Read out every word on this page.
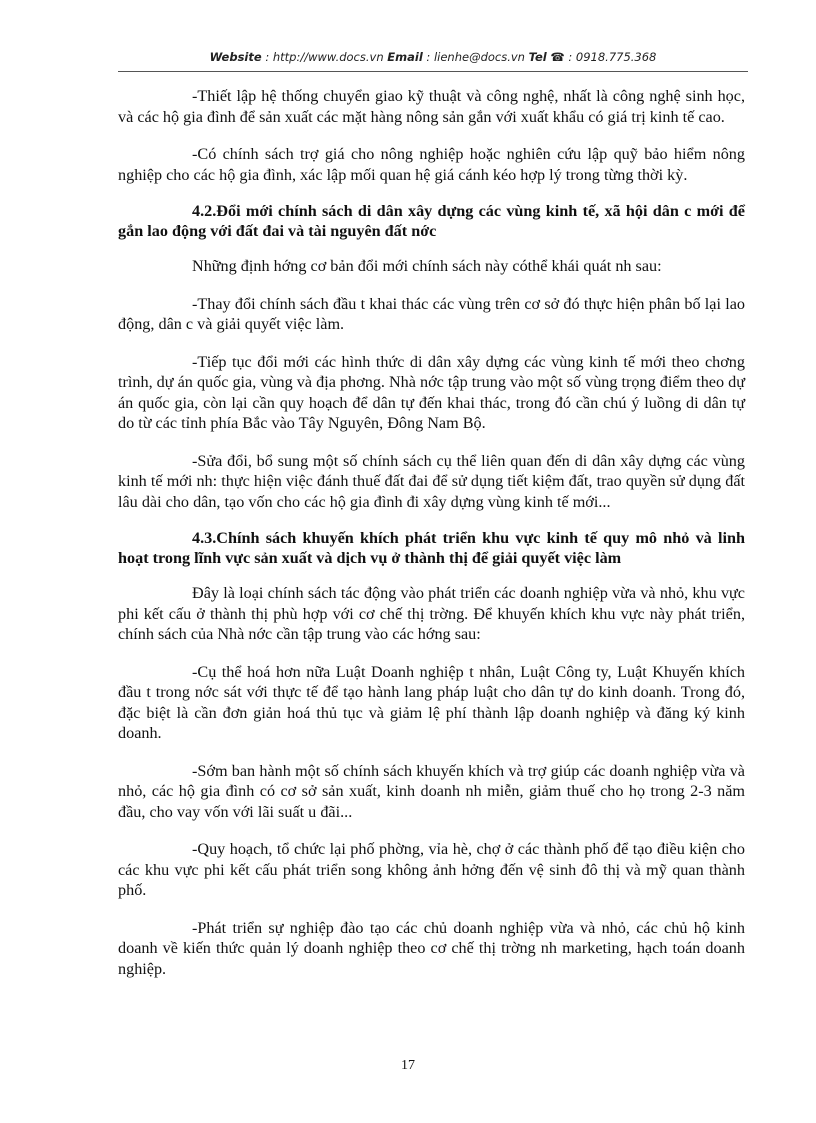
Website : http://www.docs.vn Email : lienhe@docs.vn Tel ☎ : 0918.775.368

-Thiết lập hệ thống chuyển giao kỹ thuật và công nghệ, nhất là công nghệ sinh học, và các hộ gia đình để sản xuất các mặt hàng nông sản gắn với xuất khẩu có giá trị kinh tế cao.

-Có chính sách trợ giá cho nông nghiệp hoặc nghiên cứu lập quỹ bảo hiểm nông nghiệp cho các hộ gia đình, xác lập mối quan hệ giá cánh kéo hợp lý trong từng thời kỳ.

4.2.Đổi mới chính sách di dân xây dựng các vùng kinh tế, xã hội dân c mới để gắn lao động với đất đai và tài nguyên đất nớc

Những định hớng cơ bản đổi mới chính sách này cóthể khái quát nh sau:

-Thay đổi chính sách đầu t khai thác các vùng trên cơ sở đó thực hiện phân bố lại lao động, dân c và giải quyết việc làm.

-Tiếp tục đổi mới các hình thức di dân xây dựng các vùng kinh tế mới theo chơng trình, dự án quốc gia, vùng và địa phơng. Nhà nớc tập trung vào một số vùng trọng điểm theo dự án quốc gia, còn lại cần quy hoạch để dân tự đến khai thác, trong đó cần chú ý luồng di dân tự do từ các tỉnh phía Bắc vào Tây Nguyên, Đông Nam Bộ.

-Sửa đổi, bổ sung một số chính sách cụ thể liên quan đến di dân xây dựng các vùng kinh tế mới nh: thực hiện việc đánh thuế đất đai để sử dụng tiết kiệm đất, trao quyền sử dụng đất lâu dài cho dân, tạo vốn cho các hộ gia đình đi xây dựng vùng kinh tế mới...

4.3.Chính sách khuyến khích phát triển khu vực kinh tế quy mô nhỏ và linh hoạt trong lĩnh vực sản xuất và dịch vụ ở thành thị để giải quyết việc làm

Đây là loại chính sách tác động vào phát triển các doanh nghiệp vừa và nhỏ, khu vực phi kết cấu ở thành thị phù hợp với cơ chế thị trờng. Để khuyến khích khu vực này phát triển, chính sách của Nhà nớc cần tập trung vào các hớng sau:

-Cụ thể hoá hơn nữa Luật Doanh nghiệp t nhân, Luật Công ty, Luật Khuyến khích đầu t trong nớc sát với thực tế để tạo hành lang pháp luật cho dân tự do kinh doanh. Trong đó, đặc biệt là cần đơn giản hoá thủ tục và giảm lệ phí thành lập doanh nghiệp và đăng ký kinh doanh.

-Sớm ban hành một số chính sách khuyến khích và trợ giúp các doanh nghiệp vừa và nhỏ, các hộ gia đình có cơ sở sản xuất, kinh doanh nh miễn, giảm thuế cho họ trong 2-3 năm đầu, cho vay vốn với lãi suất u đãi...

-Quy hoạch, tổ chức lại phố phờng, vỉa hè, chợ ở các thành phố để tạo điều kiện cho các khu vực phi kết cấu phát triển song không ảnh hởng đến vệ sinh đô thị và mỹ quan thành phố.

-Phát triển sự nghiệp đào tạo các chủ doanh nghiệp vừa và nhỏ, các chủ hộ kinh doanh về kiến thức quản lý doanh nghiệp theo cơ chế thị trờng nh marketing, hạch toán doanh nghiệp.

17
